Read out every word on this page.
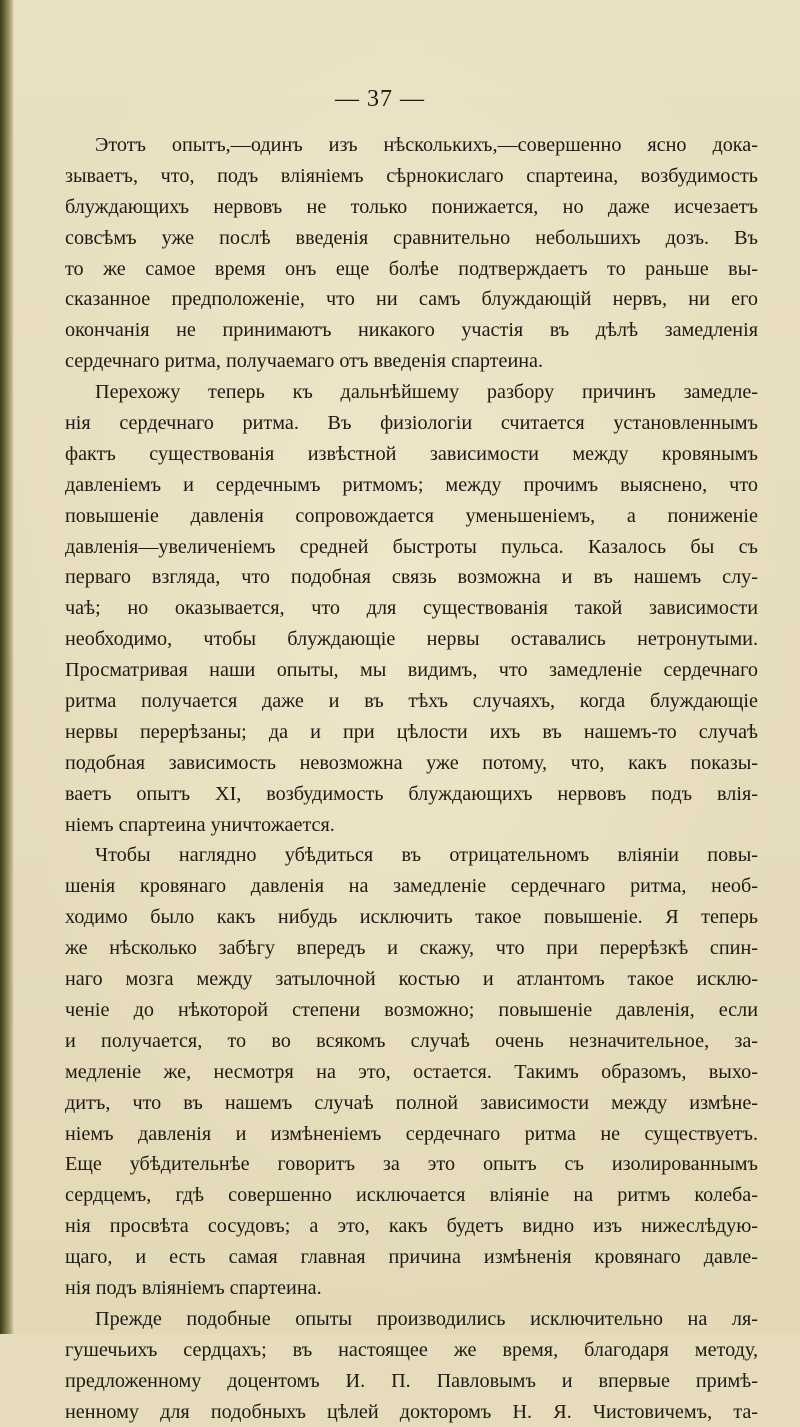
— 37 —
Этотъ опытъ,—одинъ изъ нѣсколькихъ,—совершенно ясно дока-
зываетъ, что, подъ вліяніемъ сѣрнокислаго спартеина, возбудимость
блуждающихъ нервовъ не только понижается, но даже исчезаетъ
совсѣмъ уже послѣ введенія сравнительно небольшихъ дозъ. Въ
то же самое время онъ еще болѣе подтверждаетъ то раньше вы-
сказанное предположеніе, что ни самъ блуждающій нервъ, ни его
окончанія не принимаютъ никакого участія въ дѣлѣ замедленія
сердечнаго ритма, получаемаго отъ введенія спартеина.
Перехожу теперь къ дальнѣйшему разбору причинъ замедле-
нія сердечнаго ритма. Въ физіологіи считается установленнымъ
фактъ существованія извѣстной зависимости между кровянымъ
давленіемъ и сердечнымъ ритмомъ; между прочимъ выяснено, что
повышеніе давленія сопровождается уменьшеніемъ, а пониженіе
давленія—увеличеніемъ средней быстроты пульса. Казалось бы съ
перваго взгляда, что подобная связь возможна и въ нашемъ слу-
чаѣ; но оказывается, что для существованія такой зависимости
необходимо, чтобы блуждающіе нервы оставались нетронутыми.
Просматривая наши опыты, мы видимъ, что замедленіе сердечнаго
ритма получается даже и въ тѣхъ случаяхъ, когда блуждающіе
нервы перерѣзаны; да и при цѣлости ихъ въ нашемъ-то случаѣ
подобная зависимость невозможна уже потому, что, какъ показы-
ваетъ опытъ XI, возбудимость блуждающихъ нервовъ подъ влія-
ніемъ спартеина уничтожается.
Чтобы наглядно убѣдиться въ отрицательномъ вліяніи повы-
шенія кровянаго давленія на замедленіе сердечнаго ритма, необ-
ходимо было какъ нибудь исключить такое повышеніе. Я теперь
же нѣсколько забѣгу впередъ и скажу, что при перерѣзкѣ спин-
наго мозга между затылочной костью и атлантомъ такое исклю-
ченіе до нѣкоторой степени возможно; повышеніе давленія, если
и получается, то во всякомъ случаѣ очень незначительное, за-
медленіе же, несмотря на это, остается. Такимъ образомъ, выхо-
дитъ, что въ нашемъ случаѣ полной зависимости между измѣне-
ніемъ давленія и измѣненіемъ сердечнаго ритма не существуетъ.
Еще убѣдительнѣе говоритъ за это опытъ съ изолированнымъ
сердцемъ, гдѣ совершенно исключается вліяніе на ритмъ колеба-
нія просвѣта сосудовъ; а это, какъ будетъ видно изъ нижеслѣдую-
щаго, и есть самая главная причина измѣненія кровянаго давле-
нія подъ вліяніемъ спартеина.
Прежде подобные опыты производились исключительно на ля-
гушечьихъ сердцахъ; въ настоящее же время, благодаря методу,
предложенному доцентомъ И. П. Павловымъ и впервые примѣ-
ненному для подобныхъ цѣлей докторомъ Н. Я. Чистовичемъ, та-
